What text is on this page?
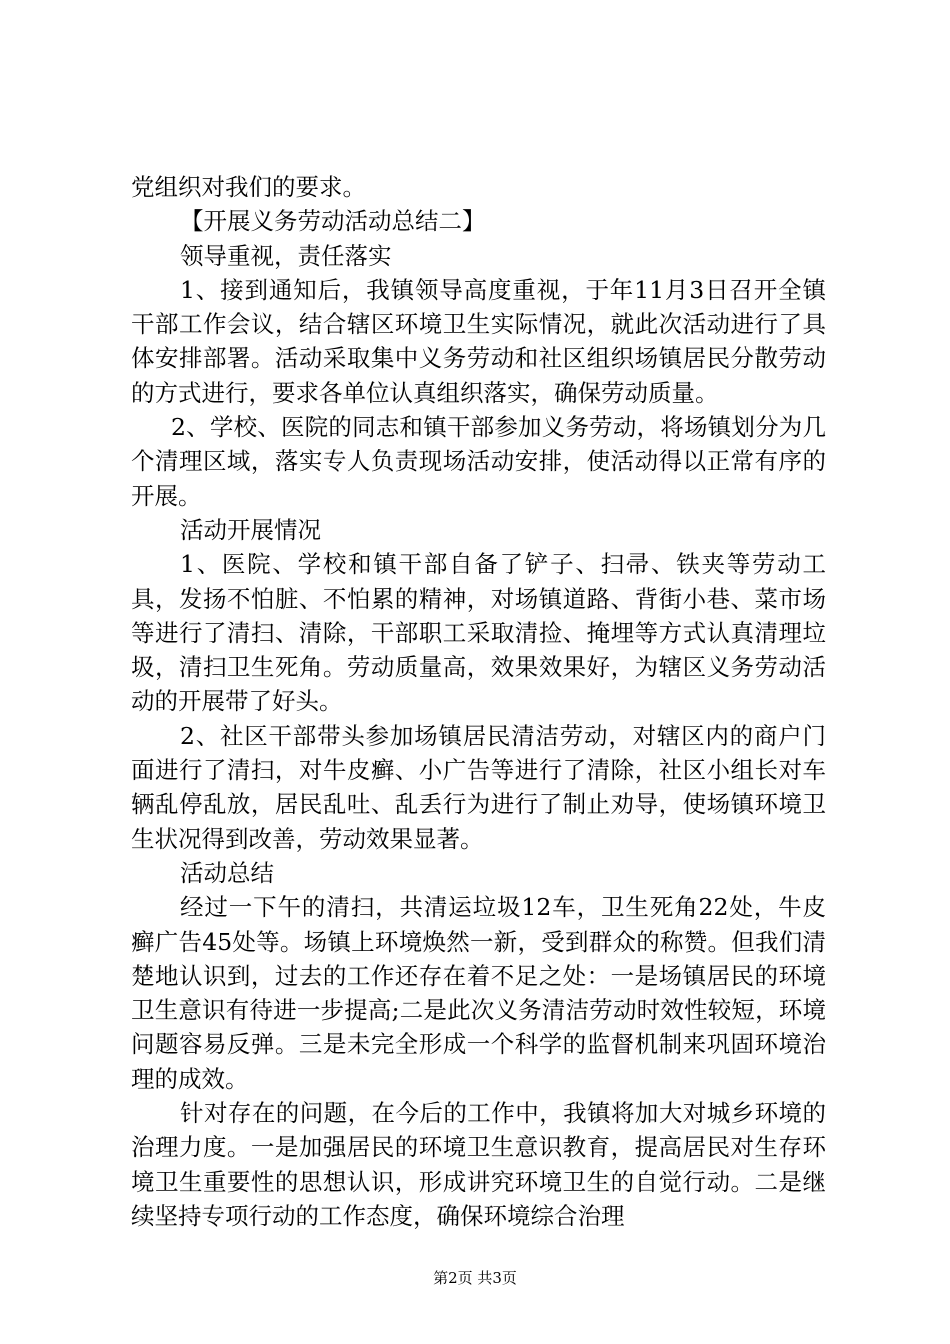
党组织对我们的要求。

【开展义务劳动活动总结二】

领导重视，责任落实

1、接到通知后，我镇领导高度重视，于年11月3日召开全镇干部工作会议，结合辖区环境卫生实际情况，就此次活动进行了具体安排部署。活动采取集中义务劳动和社区组织场镇居民分散劳动的方式进行，要求各单位认真组织落实，确保劳动质量。

2、学校、医院的同志和镇干部参加义务劳动，将场镇划分为几个清理区域，落实专人负责现场活动安排，使活动得以正常有序的开展。

活动开展情况

1、医院、学校和镇干部自备了铲子、扫帚、铁夹等劳动工具，发扬不怕脏、不怕累的精神，对场镇道路、背街小巷、菜市场等进行了清扫、清除，干部职工采取清捡、掩埋等方式认真清理垃圾，清扫卫生死角。劳动质量高，效果效果好，为辖区义务劳动活动的开展带了好头。

2、社区干部带头参加场镇居民清洁劳动，对辖区内的商户门面进行了清扫，对牛皮癣、小广告等进行了清除，社区小组长对车辆乱停乱放，居民乱吐、乱丢行为进行了制止劝导，使场镇环境卫生状况得到改善，劳动效果显著。

活动总结

经过一下午的清扫，共清运垃圾12车，卫生死角22处，牛皮癣广告45处等。场镇上环境焕然一新，受到群众的称赞。但我们清楚地认识到，过去的工作还存在着不足之处：一是场镇居民的环境卫生意识有待进一步提高;二是此次义务清洁劳动时效性较短，环境问题容易反弹。三是未完全形成一个科学的监督机制来巩固环境治理的成效。

针对存在的问题，在今后的工作中，我镇将加大对城乡环境的治理力度。一是加强居民的环境卫生意识教育，提高居民对生存环境卫生重要性的思想认识，形成讲究环境卫生的自觉行动。二是继续坚持专项行动的工作态度，确保环境综合治理

第2页 共3页
